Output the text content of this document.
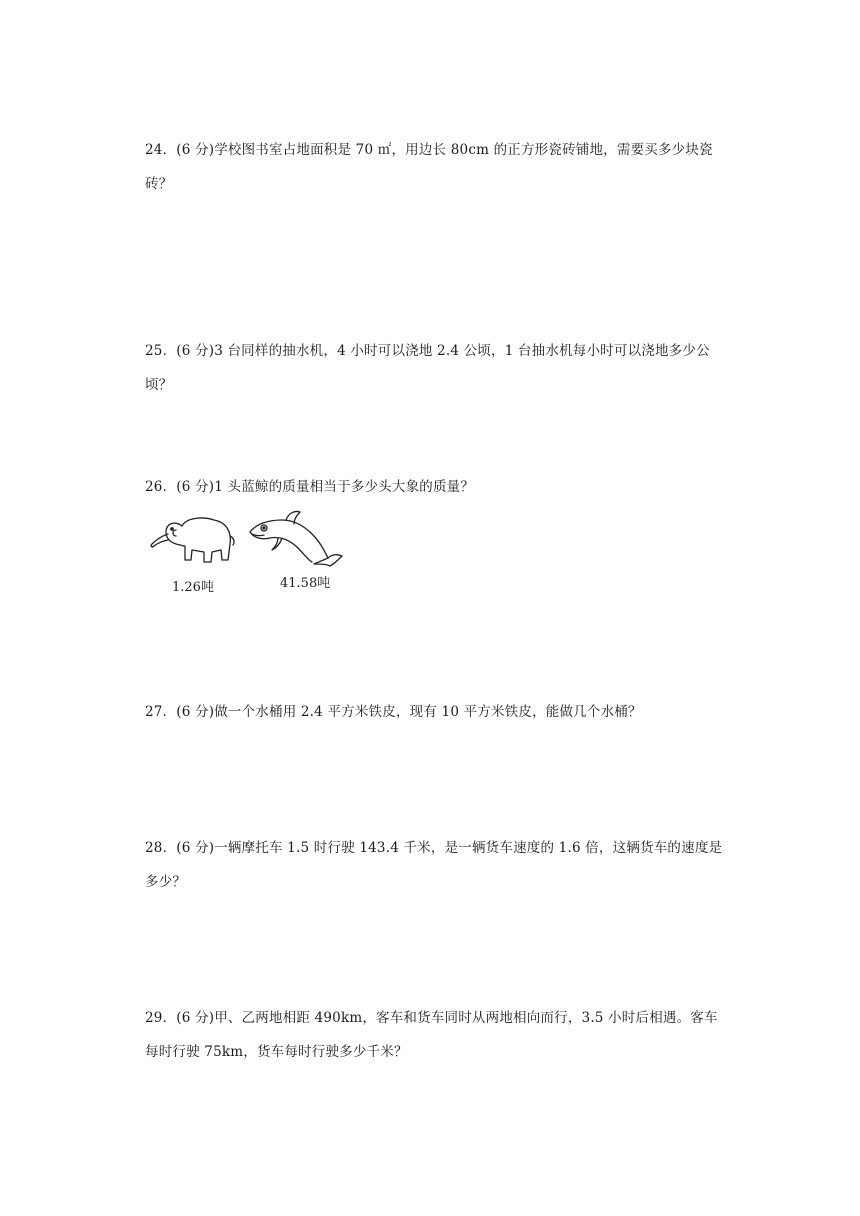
24．(6 分)学校图书室占地面积是 70 ㎡，用边长 80cm 的正方形瓷砖铺地，需要买多少块瓷砖？
25．(6 分)3 台同样的抽水机，4 小时可以浇地 2.4 公顷，1 台抽水机每小时可以浇地多少公顷？
26．(6 分)1 头蓝鲸的质量相当于多少头大象的质量？
1.26吨	41.58吨
27．(6 分)做一个水桶用 2.4 平方米铁皮，现有 10 平方米铁皮，能做几个水桶？
28．(6 分)一辆摩托车 1.5 时行驶 143.4 千米，是一辆货车速度的 1.6 倍，这辆货车的速度是多少？
29．(6 分)甲、乙两地相距 490km，客车和货车同时从两地相向而行，3.5 小时后相遇。客车每时行驶 75km，货车每时行驶多少千米？
